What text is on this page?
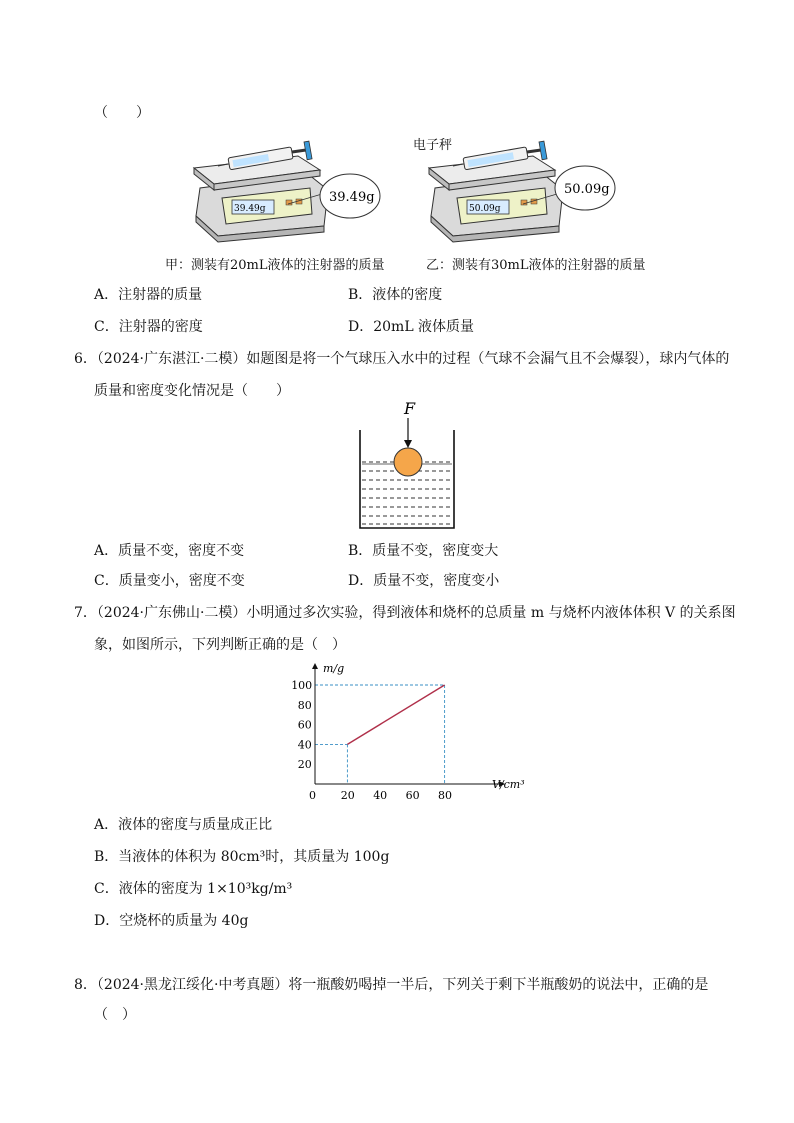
（　　）
39.49g
39.49g
50.09g
50.09g
电子秤
甲：测装有20mL液体的注射器的质量	乙：测装有30mL液体的注射器的质量
A．注射器的质量	B．液体的密度
C．注射器的密度	D．20mL 液体质量
6．（2024·广东湛江·二模）如题图是将一个气球压入水中的过程（气球不会漏气且不会爆裂），球内气体的
质量和密度变化情况是（　　）
F
A．质量不变，密度不变	B．质量不变，密度变大
C．质量变小，密度不变	D．质量不变，密度变小
7．（2024·广东佛山·二模）小明通过多次实验，得到液体和烧杯的总质量 m 与烧杯内液体体积 V 的关系图
象，如图所示，下列判断正确的是（　）
0 20 40 60 80
20
40
60
80
100
m/g
V/cm³
A．液体的密度与质量成正比
B．当液体的体积为 80cm³时，其质量为 100g
C．液体的密度为 1×10³kg/m³
D．空烧杯的质量为 40g
8．（2024·黑龙江绥化·中考真题）将一瓶酸奶喝掉一半后，下列关于剩下半瓶酸奶的说法中，正确的是
（　）
